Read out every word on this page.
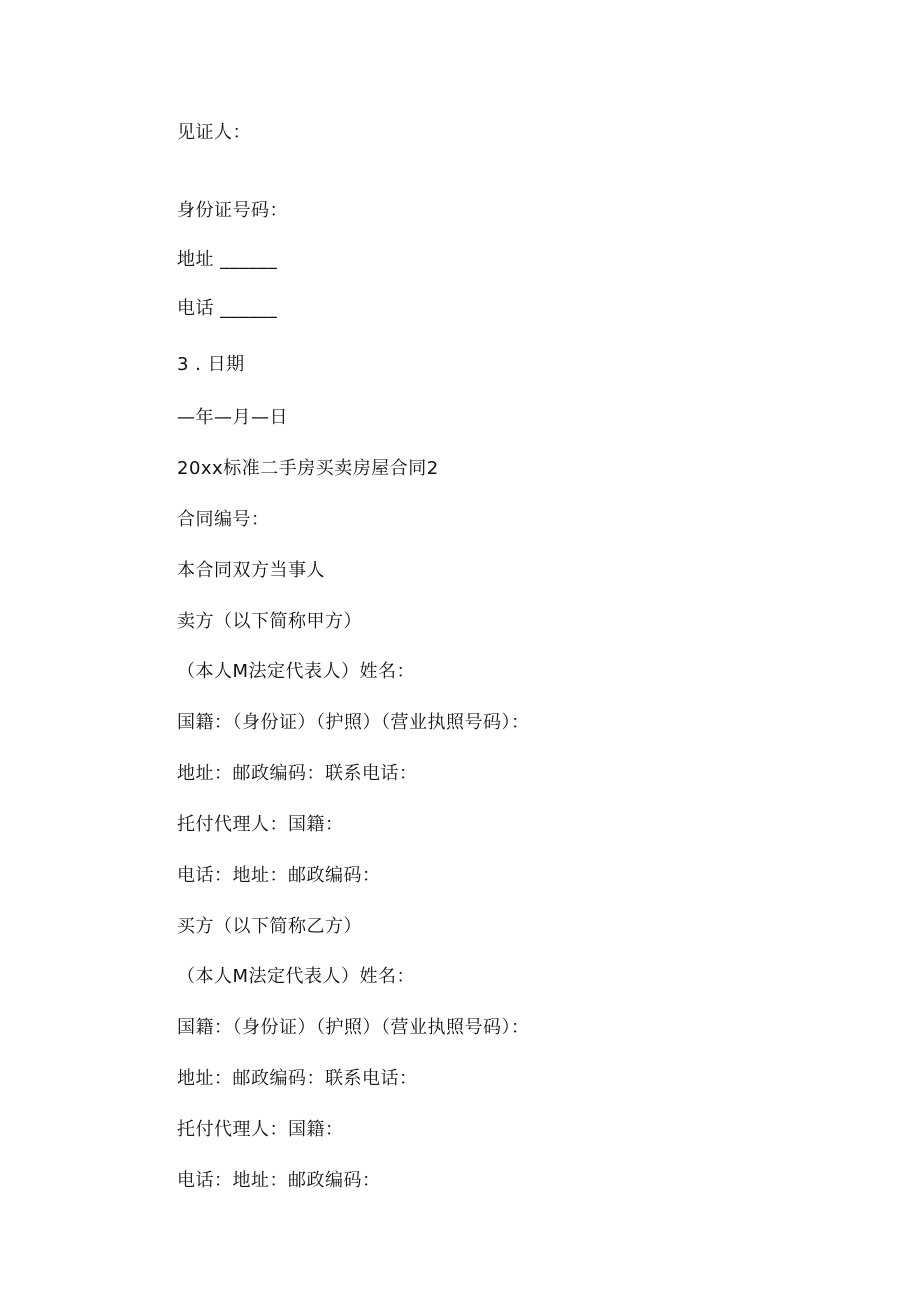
见证人：
身份证号码：
地址 ______
电话 ______
3 . 日期
—年—月—日
20xx标准二手房买卖房屋合同2
合同编号：
本合同双方当事人
卖方（以下简称甲方）
（本人M法定代表人）姓名：
国籍：（身份证）（护照）（营业执照号码）：
地址：邮政编码：联系电话：
托付代理人：国籍：
电话：地址：邮政编码：
买方（以下简称乙方）
（本人M法定代表人）姓名：
国籍：（身份证）（护照）（营业执照号码）：
地址：邮政编码：联系电话：
托付代理人：国籍：
电话：地址：邮政编码：
